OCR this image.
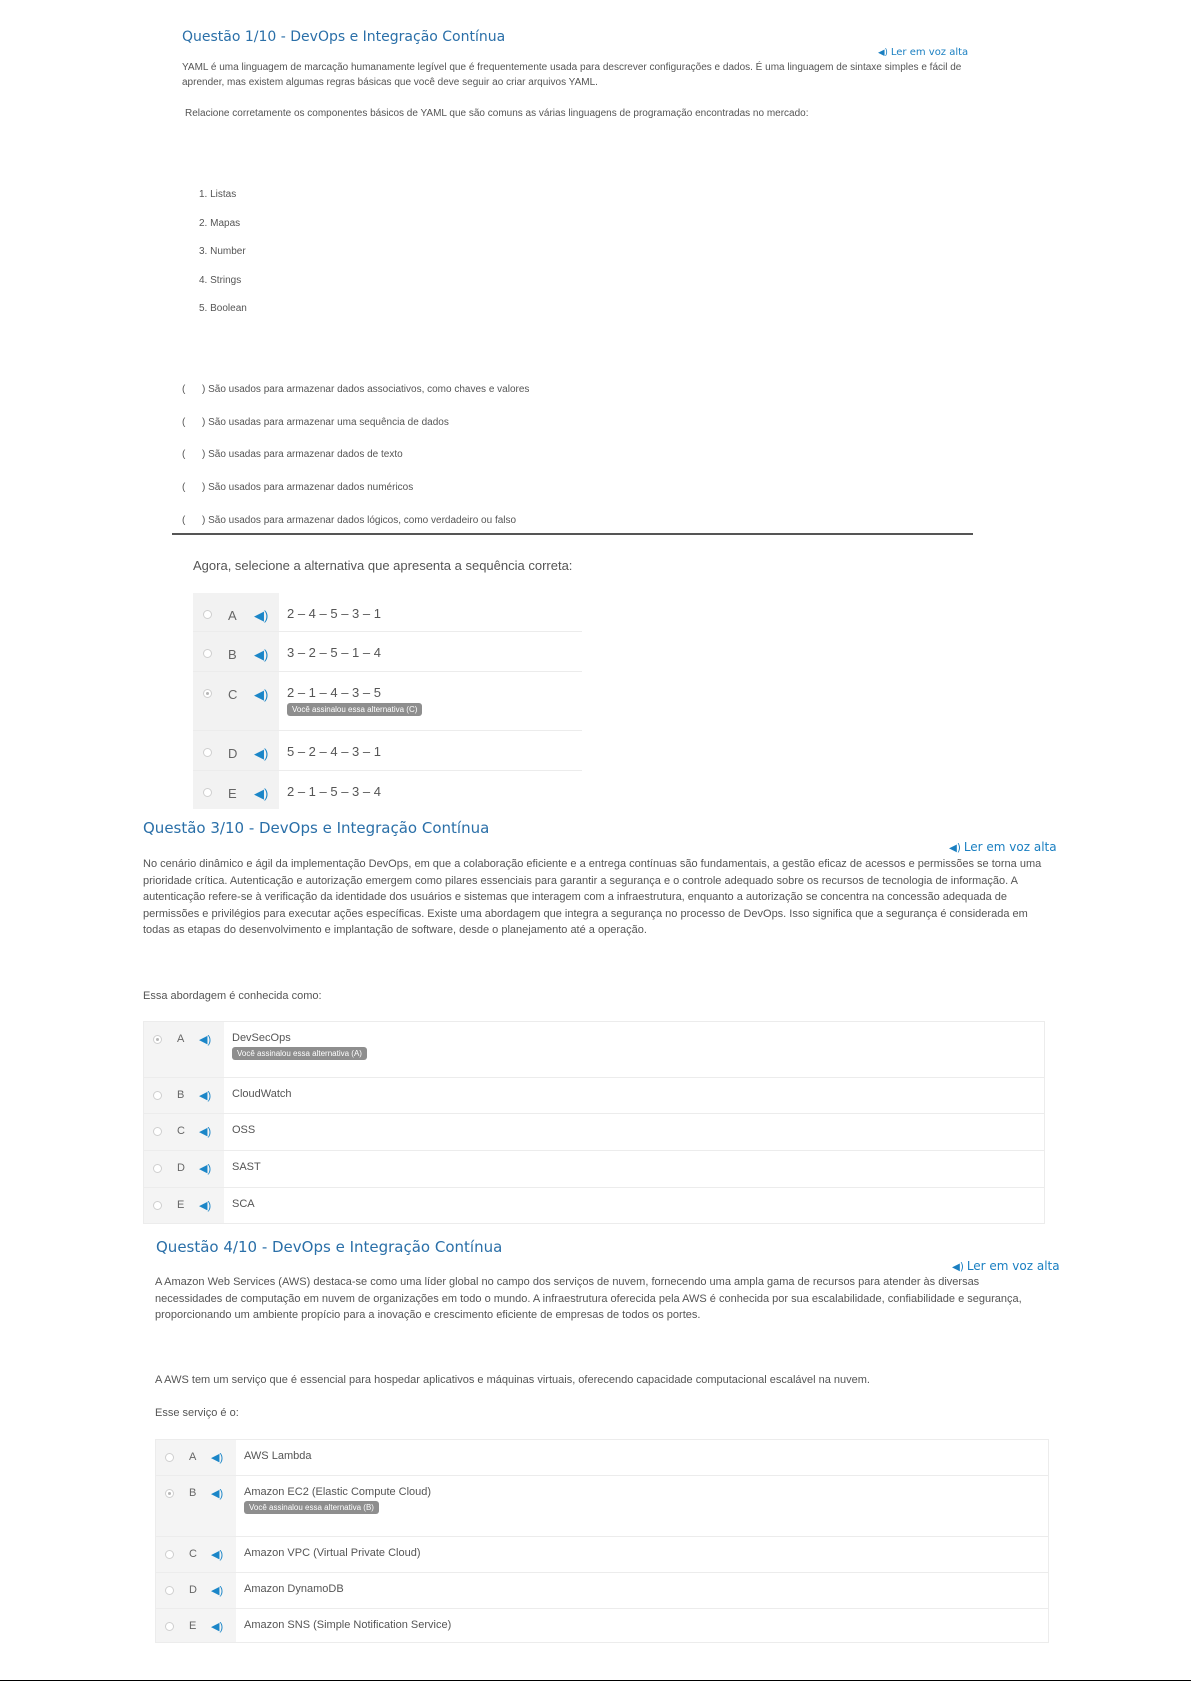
Questão 1/10 - DevOps e Integração Contínua
◀) Ler em voz alta

YAML é uma linguagem de marcação humanamente legível que é frequentemente usada para descrever configurações e dados. É uma linguagem de sintaxe simples e fácil de aprender, mas existem algumas regras básicas que você deve seguir ao criar arquivos YAML.

Relacione corretamente os componentes básicos de YAML que são comuns as várias linguagens de programação encontradas no mercado:

1. Listas
2. Mapas
3. Number
4. Strings
5. Boolean
( ) São usados para armazenar dados associativos, como chaves e valores
( ) São usadas para armazenar uma sequência de dados
( ) São usadas para armazenar dados de texto
( ) São usados para armazenar dados numéricos
( ) São usados para armazenar dados lógicos, como verdadeiro ou falso

Agora, selecione a alternativa que apresenta a sequência correta:

A	◀) 2 – 4 – 5 – 3 – 1
B	◀) 3 – 2 – 5 – 1 – 4
C	◀) 2 – 1 – 4 – 3 – 5
Você assinalou essa alternativa (C)
D	◀) 5 – 2 – 4 – 3 – 1
E	◀) 2 – 1 – 5 – 3 – 4
Questão 3/10 - DevOps e Integração Contínua
◀) Ler em voz alta

No cenário dinâmico e ágil da implementação DevOps, em que a colaboração eficiente e a entrega contínuas são fundamentais, a gestão eficaz de acessos e permissões se torna uma prioridade crítica. Autenticação e autorização emergem como pilares essenciais para garantir a segurança e o controle adequado sobre os recursos de tecnologia de informação. A autenticação refere-se à verificação da identidade dos usuários e sistemas que interagem com a infraestrutura, enquanto a autorização se concentra na concessão adequada de permissões e privilégios para executar ações específicas. Existe uma abordagem que integra a segurança no processo de DevOps. Isso significa que a segurança é considerada em todas as etapas do desenvolvimento e implantação de software, desde o planejamento até a operação.

Essa abordagem é conhecida como:

A ◀) DevSecOps
Você assinalou essa alternativa (A)
B ◀) CloudWatch
C ◀) OSS
D ◀) SAST
E ◀) SCA
Questão 4/10 - DevOps e Integração Contínua
◀) Ler em voz alta

A Amazon Web Services (AWS) destaca-se como uma líder global no campo dos serviços de nuvem, fornecendo uma ampla gama de recursos para atender às diversas necessidades de computação em nuvem de organizações em todo o mundo. A infraestrutura oferecida pela AWS é conhecida por sua escalabilidade, confiabilidade e segurança, proporcionando um ambiente propício para a inovação e crescimento eficiente de empresas de todos os portes.

A AWS tem um serviço que é essencial para hospedar aplicativos e máquinas virtuais, oferecendo capacidade computacional escalável na nuvem.

Esse serviço é o:

A ◀) AWS Lambda
B ◀) Amazon EC2 (Elastic Compute Cloud)
Você assinalou essa alternativa (B)
C ◀) Amazon VPC (Virtual Private Cloud)
D ◀) Amazon DynamoDB
E ◀) Amazon SNS (Simple Notification Service)
